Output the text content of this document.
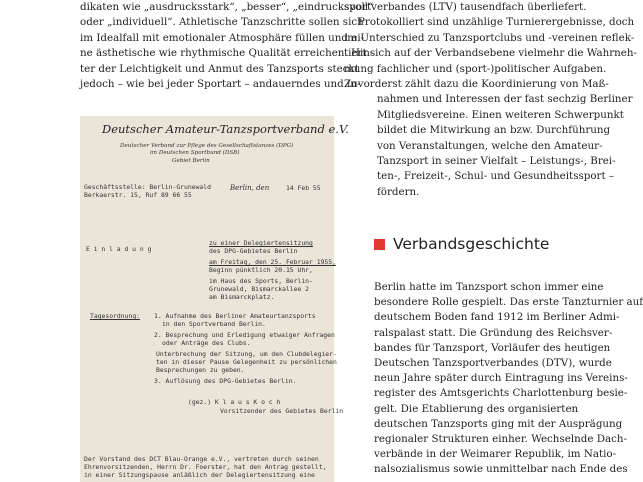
dikaten wie „ausdrucksstark“, „besser“, „eindrucksvoll“
oder „individuell“. Athletische Tanzschritte sollen sich
im Idealfall mit emotionaler Atmosphäre füllen und ei-
ne ästhetische wie rhythmische Qualität erreichen. Hin-
ter der Leichtigkeit und Anmut des Tanzsports steckt
jedoch – wie bei jeder Sportart – andauerndes und in-
sportverbandes (LTV) tausendfach überliefert.
Protokolliert sind unzählige Turnierergebnisse, doch
im Unterschied zu Tanzsportclubs und -vereinen reflek-
tiert sich auf der Verbandsebene vielmehr die Wahrneh-
mung fachlicher und (sport-)politischer Aufgaben.
Zuvorderst zählt dazu die Koordinierung von Maß-
nahmen und Interessen der fast sechzig Berliner
Mitgliedsvereine. Einen weiteren Schwerpunkt
bildet die Mitwirkung an bzw. Durchführung
von Veranstaltungen, welche den Amateur-
Tanzsport in seiner Vielfalt – Leistungs-, Brei-
ten-, Freizeit-, Schul- und Gesundheitssport –
fördern.
Verbandsgeschichte
Berlin hatte im Tanzsport schon immer eine
besondere Rolle gespielt. Das erste Tanzturnier auf
deutschem Boden fand 1912 im Berliner Admi-
ralspalast statt. Die Gründung des Reichsver-
bandes für Tanzsport, Vorläufer des heutigen
Deutschen Tanzsportverbandes (DTV), wurde
neun Jahre später durch Eintragung ins Vereins-
register des Amtsgerichts Charlottenburg besie-
gelt. Die Etablierung des organisierten
deutschen Tanzsports ging mit der Ausprägung
regionaler Strukturen einher. Wechselnde Dach-
verbände in der Weimarer Republik, im Natio-
nalsozialismus sowie unmittelbar nach Ende des
Deutscher Amateur-Tanzsportverband e.V.
Deutscher Verband zur Pflege des Gesellschaftstanzes (DPG)
im Deutschen Sportbund (DSB)
Gebiet Berlin
Geschäftsstelle: Berlin-Grunewald
Berkaerstr. 15, Ruf 89 66 55
Berlin, den	14 Feb 55
E i n l a d u n g
zu einer Delegiertensitzung
des DPG-Gebietes Berlin
am Freitag, den 25. Februar 1955,
Beginn pünktlich 20.15 Uhr,
im Haus des Sports, Berlin-
Grunewald, Bismarckallee 2
am Bismarckplatz.
Tagesordnung: 1. Aufnahme des Berliner Amateurtanzsports
in den Sportverband Berlin.
2. Besprechung und Erledigung etwaiger Anfragen
oder Anträge des Clubs.
Unterbrechung der Sitzung, um den Clubdelegier-
ten in dieser Pause Gelegenheit zu persönlichen
Besprechungen zu geben.
3. Auflösung des DPG-Gebietes Berlin.
(gez.) K l a u s K o c h
Vorsitzender des Gebietes Berlin
Der Vorstand des DCT Blau-Orange e.V., vertreten durch seinen
Ehrenvorsitzenden, Herrn Dr. Foerster, hat den Antrag gestellt,
in einer Sitzungspause anläßlich der Delegiertensitzung eine
